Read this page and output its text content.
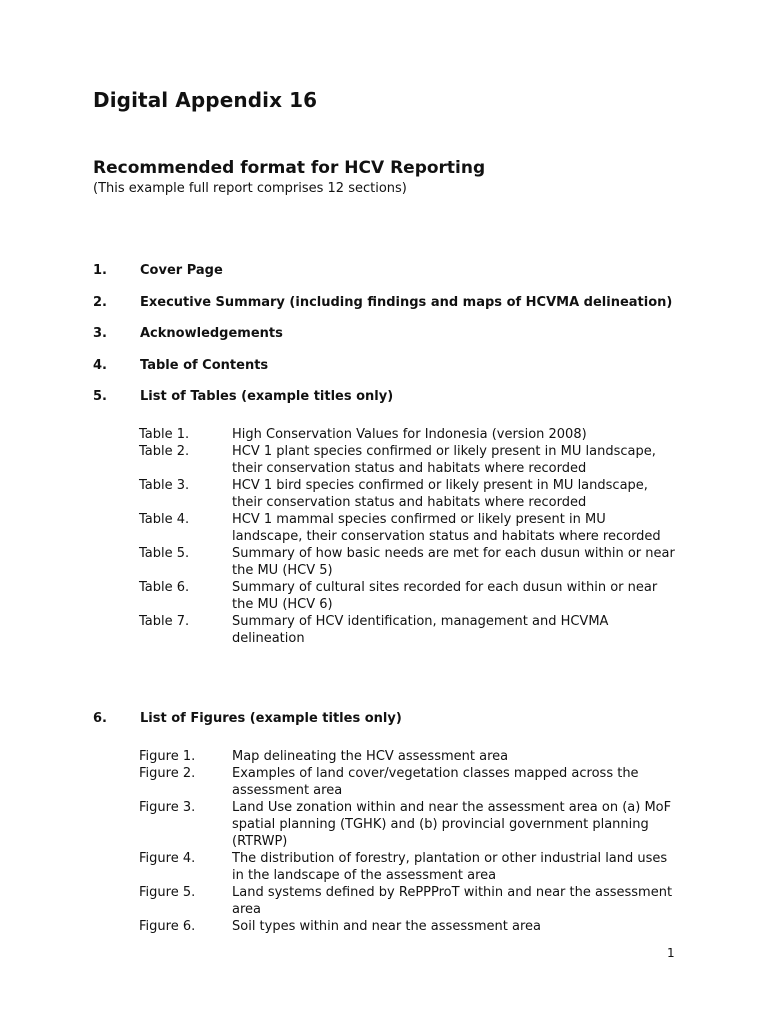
Digital Appendix 16
Recommended format for HCV Reporting

(This example full report comprises 12 sections)

1.	Cover Page
2.	Executive Summary (including findings and maps of HCVMA delineation)
3.	Acknowledgements
4.	Table of Contents
5.	List of Tables (example titles only)
Table 1.	High Conservation Values for Indonesia (version 2008)
Table 2.	HCV 1 plant species confirmed or likely present in MU landscape, their conservation status and habitats where recorded
Table 3.	HCV 1 bird species confirmed or likely present in MU landscape, their conservation status and habitats where recorded
Table 4.	HCV 1 mammal species confirmed or likely present in MU landscape, their conservation status and habitats where recorded
Table 5.	Summary of how basic needs are met for each dusun within or near the MU (HCV 5)
Table 6.	Summary of cultural sites recorded for each dusun within or near the MU (HCV 6)
Table 7.	Summary of HCV identification, management and HCVMA delineation
6.	List of Figures (example titles only)
Figure 1.	Map delineating the HCV assessment area
Figure 2.	Examples of land cover/vegetation classes mapped across the assessment area
Figure 3.	Land Use zonation within and near the assessment area on (a) MoF spatial planning (TGHK) and (b) provincial government planning (RTRWP)
Figure 4.	The distribution of forestry, plantation or other industrial land uses in the landscape of the assessment area
Figure 5.	Land systems defined by RePPProT within and near the assessment area
Figure 6.	Soil types within and near the assessment area
1
